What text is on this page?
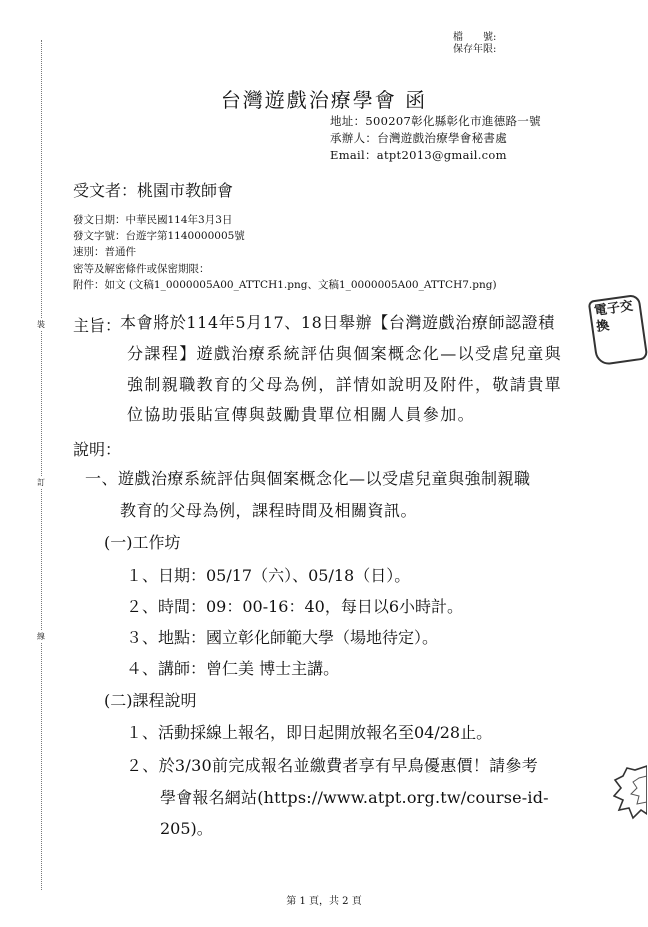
檔　　號:
保存年限:
裝
訂
線
台灣遊戲治療學會 函
地址：500207彰化縣彰化市進德路一號
承辦人：台灣遊戲治療學會秘書處
Email：atpt2013@gmail.com
受文者：桃園市教師會
發文日期：中華民國114年3月3日
發文字號：台遊字第1140000005號
速別：普通件
密等及解密條件或保密期限：
附件：如文 (文稿1_0000005A00_ATTCH1.png、文稿1_0000005A00_ATTCH7.png)
電子交換
主旨：
本會將於114年5月17、18日舉辦【台灣遊戲治療師認證積
分課程】遊戲治療系統評估與個案概念化—以受虐兒童與
強制親職教育的父母為例，詳情如說明及附件，敬請貴單
位協助張貼宣傳與鼓勵貴單位相關人員參加。
說明：
一、遊戲治療系統評估與個案概念化—以受虐兒童與強制親職
教育的父母為例，課程時間及相關資訊。
(一)工作坊
１、日期：05/17（六）、05/18（日）。
２、時間：09：00-16：40，每日以6小時計。
３、地點：國立彰化師範大學（場地待定）。
４、講師：曾仁美 博士主講。
(二)課程說明
１、活動採線上報名，即日起開放報名至04/28止。
２、於3/30前完成報名並繳費者享有早鳥優惠價！請參考
學會報名網站(https://www.atpt.org.tw/course-id-
205)。
第 1 頁，共 2 頁
